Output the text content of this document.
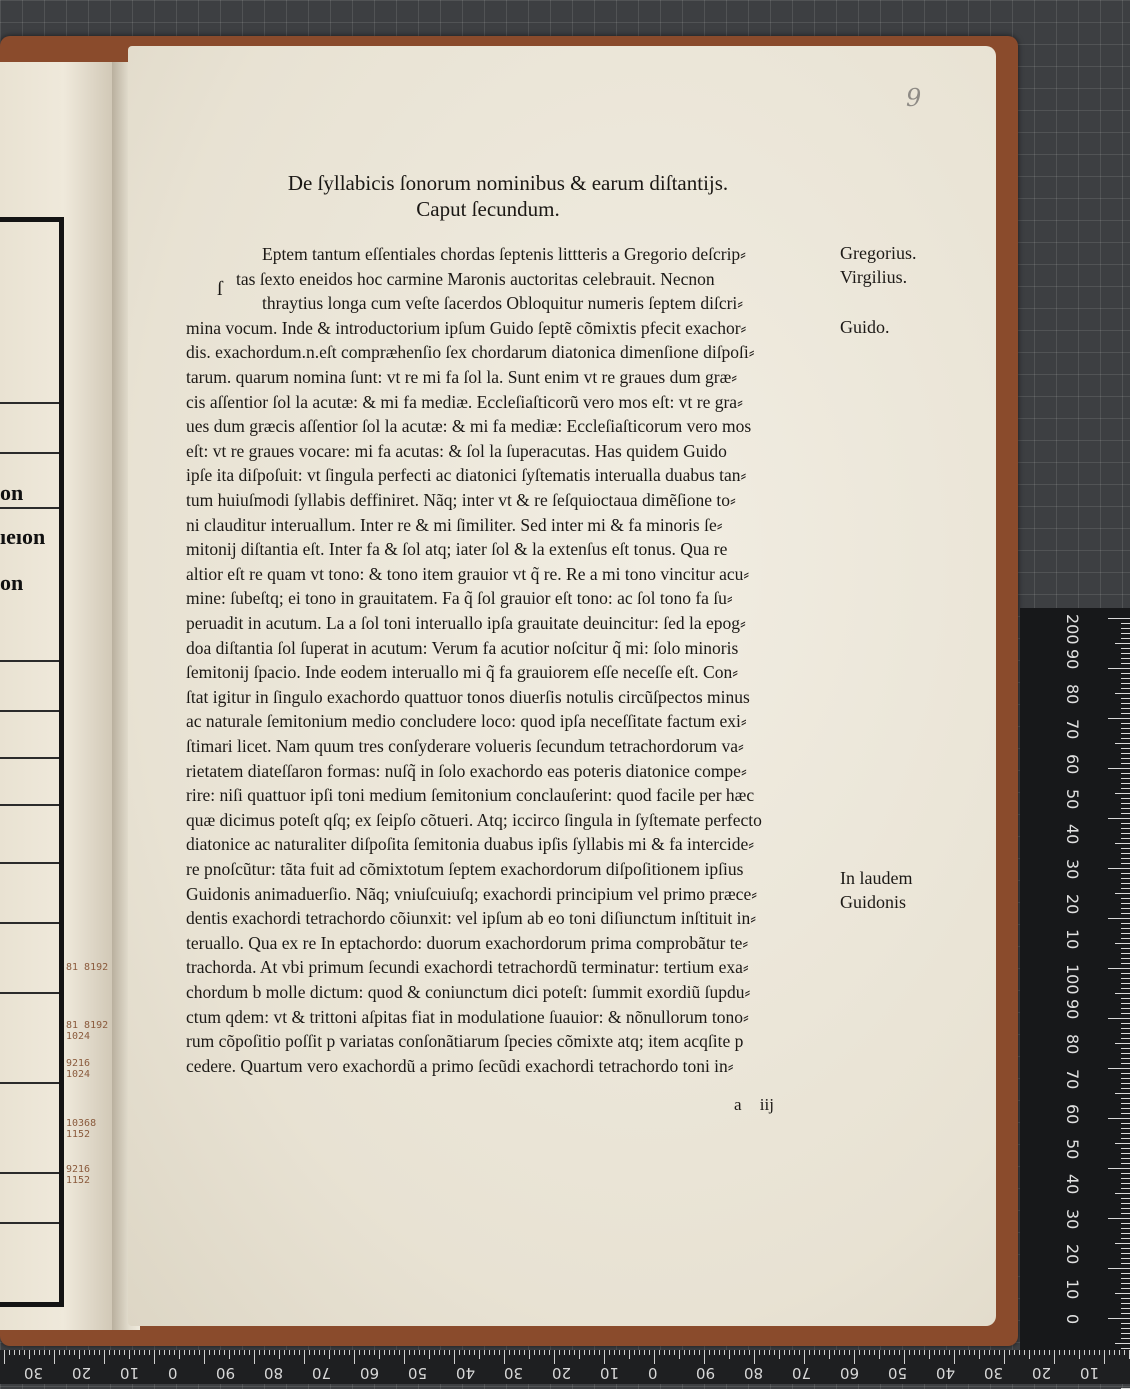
on
ıeıon
on
81 8192
81 8192 1024
9216 1024
10368 1152
9216 1152
9
De ſyllabicis ſonorum nominibus & earum diſtantijs.
Caput ſecundum.
ſ
Eptem tantum eſſentiales chordas ſeptenis littteris a Gregorio deſcrip⸗
tas ſexto eneidos hoc carmine Maronis auctoritas celebrauit. Necnon
thraytius longa cum veſte ſacerdos Obloquitur numeris ſeptem diſcri⸗
mina vocum. Inde & introductorium ipſum Guido ſeptẽ cõmixtis pfecit exachor⸗
dis. exachordum.n.eſt compræhenſio ſex chordarum diatonica dimenſione diſpoſi⸗
tarum. quarum nomina ſunt: vt re mi fa ſol la. Sunt enim vt re graues dum græ⸗
cis aſſentior ſol la acutæ: & mi fa mediæ. Eccleſiaſticorũ vero mos eſt: vt re gra⸗
ues dum græcis aſſentior ſol la acutæ: & mi fa mediæ: Eccleſiaſticorum vero mos
eſt: vt re graues vocare: mi fa acutas: & ſol la ſuperacutas. Has quidem Guido
ipſe ita diſpoſuit: vt ſingula perfecti ac diatonici ſyſtematis interualla duabus tan⸗
tum huiuſmodi ſyllabis deffiniret. Nãq; inter vt & re ſeſquioctaua dimẽſione to⸗
ni clauditur interuallum. Inter re & mi ſimiliter. Sed inter mi & fa minoris ſe⸗
mitonij diſtantia eſt. Inter fa & ſol atq; iater ſol & la extenſus eſt tonus. Qua re
altior eſt re quam vt tono: & tono item grauior vt q̃ re. Re a mi tono vincitur acu⸗
mine: ſubeſtq; ei tono in grauitatem. Fa q̃ ſol grauior eſt tono: ac ſol tono fa ſu⸗
peruadit in acutum. La a ſol toni interuallo ipſa grauitate deuincitur: ſed la epog⸗
doa diſtantia ſol ſuperat in acutum: Verum fa acutior noſcitur q̃ mi: ſolo minoris
ſemitonij ſpacio. Inde eodem interuallo mi q̃ fa grauiorem eſſe neceſſe eſt. Con⸗
ſtat igitur in ſingulo exachordo quattuor tonos diuerſis notulis circũſpectos minus
ac naturale ſemitonium medio concludere loco: quod ipſa neceſſitate factum exi⸗
ſtimari licet. Nam quum tres conſyderare volueris ſecundum tetrachordorum va⸗
rietatem diateſſaron formas: nuſq̃ in ſolo exachordo eas poteris diatonice compe⸗
rire: niſi quattuor ipſi toni medium ſemitonium conclauſerint: quod facile per hæc
quæ dicimus poteſt qſq; ex ſeipſo cõtueri. Atq; iccirco ſingula in ſyſtemate perfecto
diatonice ac naturaliter diſpoſita ſemitonia duabus ipſis ſyllabis mi & fa intercide⸗
re pnoſcũtur: tãta fuit ad cõmixtotum ſeptem exachordorum diſpoſitionem ipſius
Guidonis animaduerſio. Nãq; vniuſcuiuſq; exachordi principium vel primo præce⸗
dentis exachordi tetrachordo cõiunxit: vel ipſum ab eo toni diſiunctum inſtituit in⸗
teruallo. Qua ex re In eptachordo: duorum exachordorum prima comprobãtur te⸗
trachorda. At vbi primum ſecundi exachordi tetrachordũ terminatur: tertium exa⸗
chordum b molle dictum: quod & coniunctum dici poteſt: ſummit exordiũ ſupdu⸗
ctum qdem: vt & trittoni aſpitas fiat in modulatione ſuauior: & nõnullorum tono⸗
rum cõpoſitio poſſit p variatas conſonãtiarum ſpecies cõmixte atq; item acqſite p
cedere. Quartum vero exachordũ a primo ſecũdi exachordi tetrachordo toni in⸗
Gregorius.
Virgilius.
Guido.
In laudem
Guidonis
a iij
200
90
80
70
60
50
40
30
20
10
100
90
80
70
60
50
40
30
20
10
0
30 20 10 0	90 80 70 60 50 40 30 20 10 0	90 80 70 60 50 40 30 20 10
